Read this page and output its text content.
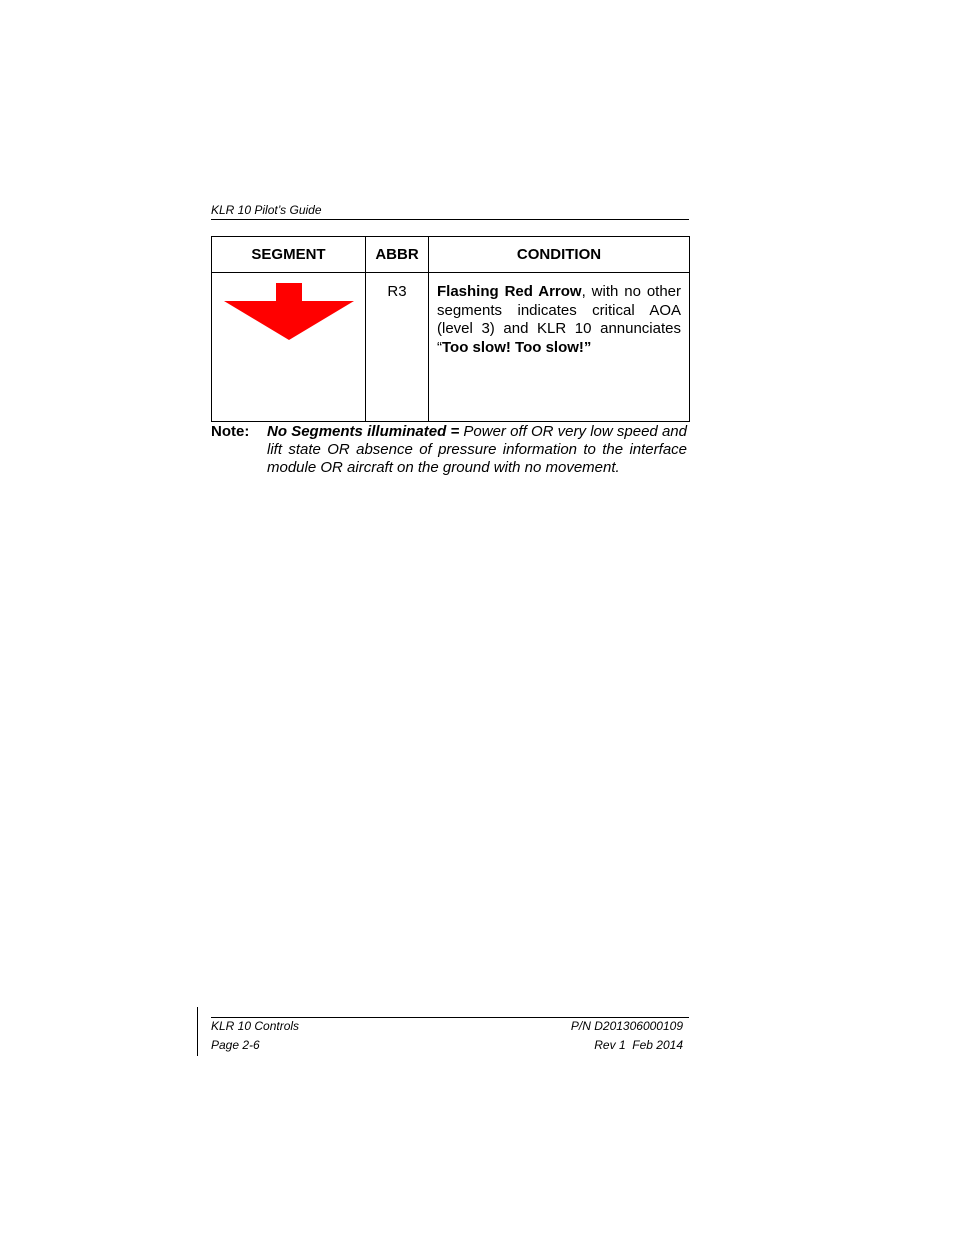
KLR 10 Pilot’s Guide
SEGMENT	ABBR	CONDITION

	R3	Flashing Red Arrow, with no other segments indicates critical AOA (level 3) and KLR 10 annunciates “Too slow! Too slow!”
Note: No Segments illuminated = Power off OR very low speed and lift state OR absence of pressure information to the interface module OR aircraft on the ground with no movement.
KLR 10 Controls
Page 2-6
P/N D201306000109
Rev 1  Feb 2014
